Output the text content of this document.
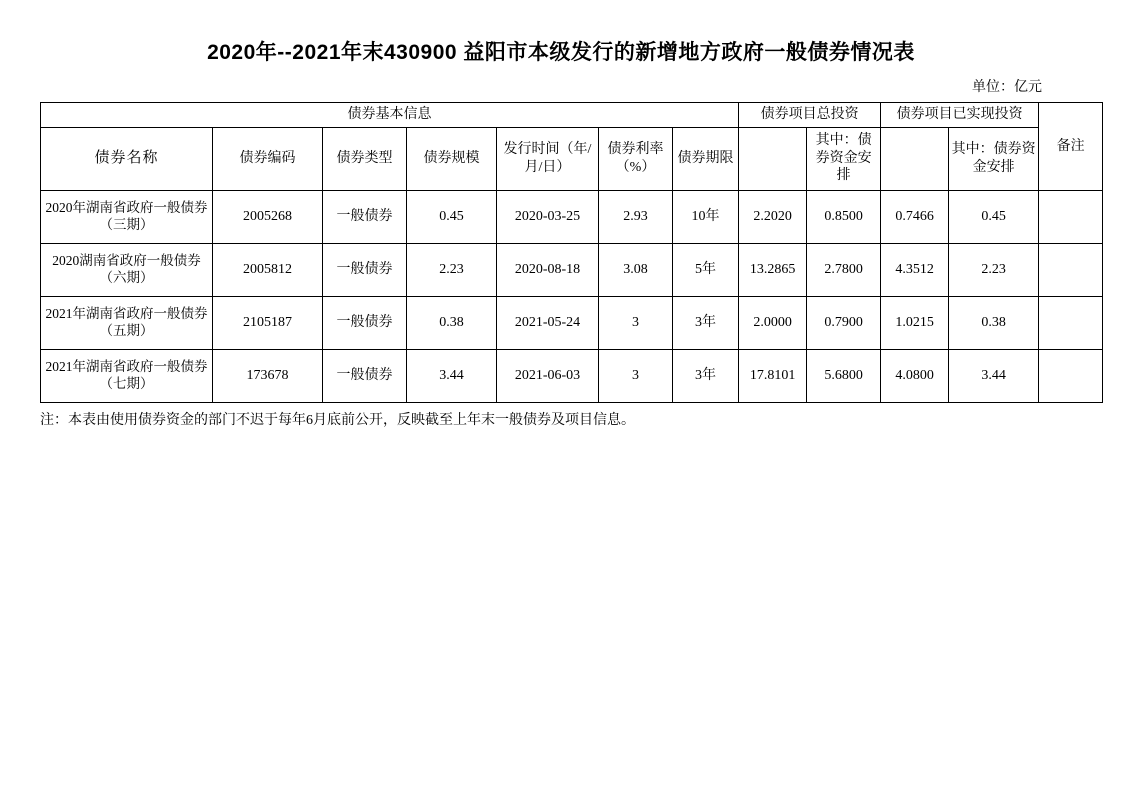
2020年--2021年末430900 益阳市本级发行的新增地方政府一般债券情况表
单位：亿元
债券基本信息							债券项目总投资		债券项目已实现投资		备注
债券名称	债券编码	债券类型	债券规模	发行时间（年/月/日）	债券利率（%）	债券期限		其中：债券资金安排		其中：债券资金安排	
2020年湖南省政府一般债券（三期）	2005268	一般债券	0.45	2020-03-25	2.93	10年	2.2020	0.8500	0.7466	0.45	
2020湖南省政府一般债券（六期）	2005812	一般债券	2.23	2020-08-18	3.08	5年	13.2865	2.7800	4.3512	2.23	
2021年湖南省政府一般债券（五期）	2105187	一般债券	0.38	2021-05-24	3	3年	2.0000	0.7900	1.0215	0.38	
2021年湖南省政府一般债券（七期）	173678	一般债券	3.44	2021-06-03	3	3年	17.8101	5.6800	4.0800	3.44	
注：本表由使用债券资金的部门不迟于每年6月底前公开，反映截至上年末一般债券及项目信息。
